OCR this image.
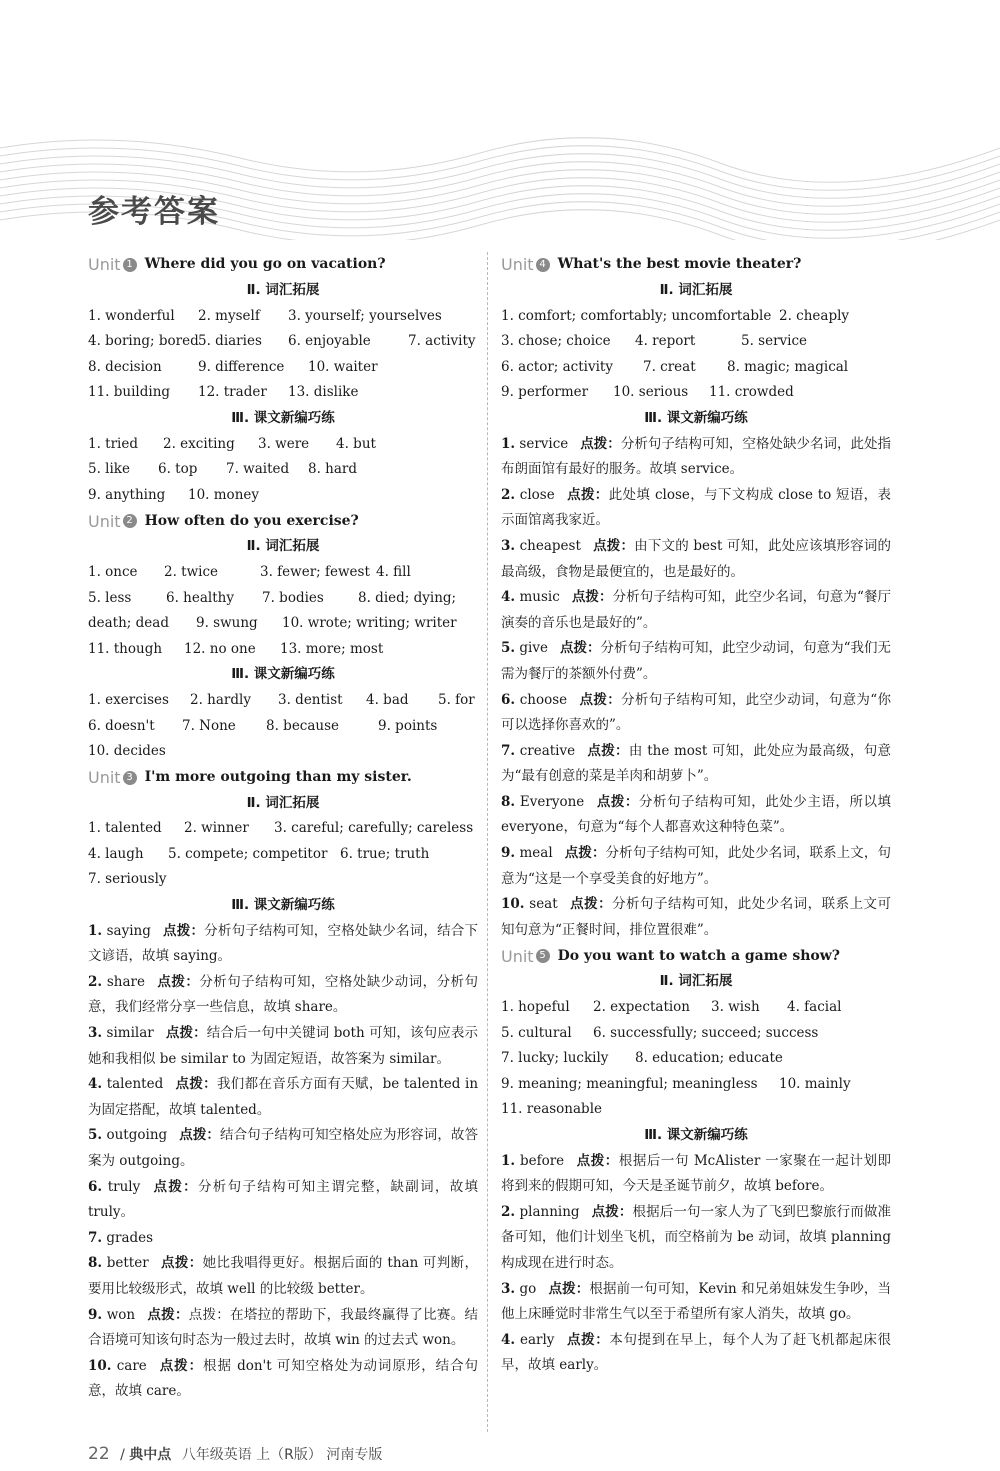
参考答案
Unit 1 Where did you go on vacation?
Ⅱ. 词汇拓展
1. wonderful	2. myself	3. yourself; yourselves
4. boring; bored 5. diaries	6. enjoyable	7. activity
8. decision	9. difference	10. waiter
11. building	12. trader	13. dislike
Ⅲ. 课文新编巧练
1. tried	2. exciting	3. were	4. but
5. like	6. top	7. waited	8. hard
9. anything	10. money
Unit 2 How often do you exercise?
Ⅱ. 词汇拓展
1. once	2. twice	3. fewer; fewest 4. fill
5. less	6. healthy	7. bodies	8. died; dying;
death; dead	9. swung	10. wrote; writing; writer
11. though	12. no one	13. more; most
Ⅲ. 课文新编巧练
1. exercises	2. hardly	3. dentist	4. bad	5. for
6. doesn't	7. None	8. because	9. points
10. decides
Unit 3 I'm more outgoing than my sister.
Ⅱ. 词汇拓展
1. talented	2. winner	3. careful; carefully; careless
4. laugh	5. compete; competitor 6. true; truth
7. seriously
Ⅲ. 课文新编巧练
1. saying 点拨：分析句子结构可知，空格处缺少名词，结合下文谚语，故填 saying。
2. share 点拨：分析句子结构可知，空格处缺少动词，分析句意，我们经常分享一些信息，故填 share。
3. similar 点拨：结合后一句中关键词 both 可知，该句应表示她和我相似 be similar to 为固定短语，故答案为 similar。
4. talented 点拨：我们都在音乐方面有天赋，be talented in 为固定搭配，故填 talented。
5. outgoing 点拨：结合句子结构可知空格处应为形容词，故答案为 outgoing。
6. truly 点拨：分析句子结构可知主谓完整，缺副词，故填 truly。
7. grades
8. better 点拨：她比我唱得更好。根据后面的 than 可判断，要用比较级形式，故填 well 的比较级 better。
9. won 点拨：点拨：在塔拉的帮助下，我最终赢得了比赛。结合语境可知该句时态为一般过去时，故填 win 的过去式 won。
10. care 点拨：根据 don't 可知空格处为动词原形，结合句意，故填 care。
Unit 4 What's the best movie theater?
Ⅱ. 词汇拓展
1. comfort; comfortably; uncomfortable 2. cheaply
3. chose; choice	4. report	5. service
6. actor; activity	7. creat	8. magic; magical
9. performer	10. serious	11. crowded
Ⅲ. 课文新编巧练
1. service 点拨：分析句子结构可知，空格处缺少名词，此处指布朗面馆有最好的服务。故填 service。
2. close 点拨：此处填 close，与下文构成 close to 短语，表示面馆离我家近。
3. cheapest 点拨：由下文的 best 可知，此处应该填形容词的最高级，食物是最便宜的，也是最好的。
4. music 点拨：分析句子结构可知，此空少名词，句意为“餐厅演奏的音乐也是最好的”。
5. give 点拨：分析句子结构可知，此空少动词，句意为“我们无需为餐厅的茶额外付费”。
6. choose 点拨：分析句子结构可知，此空少动词，句意为“你可以选择你喜欢的”。
7. creative 点拨：由 the most 可知，此处应为最高级，句意为“最有创意的菜是羊肉和胡萝卜”。
8. Everyone 点拨：分析句子结构可知，此处少主语，所以填 everyone，句意为“每个人都喜欢这种特色菜”。
9. meal 点拨：分析句子结构可知，此处少名词，联系上文，句意为“这是一个享受美食的好地方”。
10. seat 点拨：分析句子结构可知，此处少名词，联系上文可知句意为“正餐时间，排位置很难”。
Unit 5 Do you want to watch a game show?
Ⅱ. 词汇拓展
1. hopeful	2. expectation	3. wish	4. facial
5. cultural	6. successfully; succeed; success
7. lucky; luckily	8. education; educate
9. meaning; meaningful; meaningless	10. mainly
11. reasonable
Ⅲ. 课文新编巧练
1. before 点拨：根据后一句 McAlister 一家聚在一起计划即将到来的假期可知，今天是圣诞节前夕，故填 before。
2. planning 点拨：根据后一句一家人为了飞到巴黎旅行而做准备可知，他们计划坐飞机，而空格前为 be 动词，故填 planning 构成现在进行时态。
3. go 点拨：根据前一句可知，Kevin 和兄弟姐妹发生争吵，当他上床睡觉时非常生气以至于希望所有家人消失，故填 go。
4. early 点拨：本句提到在早上，每个人为了赶飞机都起床很早，故填 early。
22 / 典中点 八年级英语 上（R版） 河南专版
